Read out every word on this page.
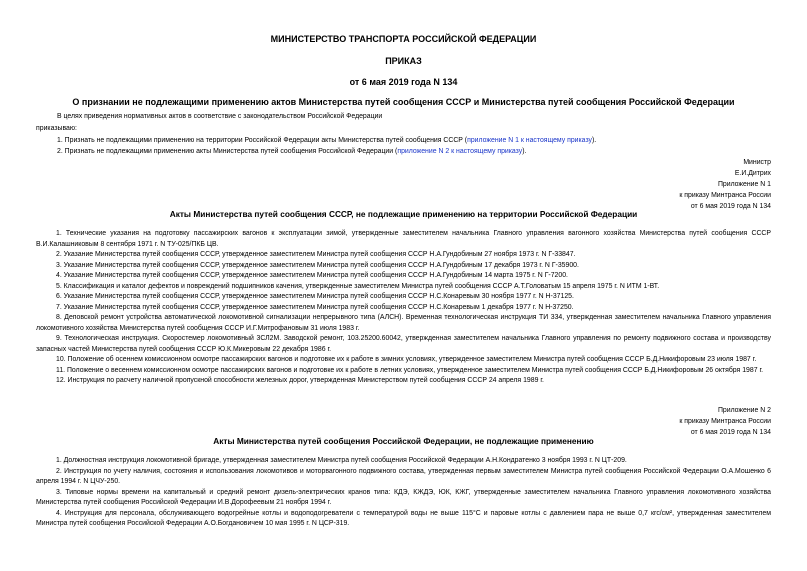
МИНИСТЕРСТВО ТРАНСПОРТА РОССИЙСКОЙ ФЕДЕРАЦИИ
ПРИКАЗ
от 6 мая 2019 года N 134
О признании не подлежащими применению актов Министерства путей сообщения СССР и Министерства путей сообщения Российской Федерации
В целях приведения нормативных актов в соответствие с законодательством Российской Федерации
приказываю:
1. Признать не подлежащими применению на территории Российской Федерации акты Министерства путей сообщения СССР (приложение N 1 к настоящему приказу).
2. Признать не подлежащими применению акты Министерства путей сообщения Российской Федерации (приложение N 2 к настоящему приказу).
Министр
Е.И.Дитрих
Приложение N 1
к приказу Минтранса России
от 6 мая 2019 года N 134
Акты Министерства путей сообщения СССР, не подлежащие применению на территории Российской Федерации
1. Технические указания на подготовку пассажирских вагонов к эксплуатации зимой, утвержденные заместителем начальника Главного управления вагонного хозяйства Министерства путей сообщения СССР В.И.Калашниковым 8 сентября 1971 г. N ТУ-025/ПКБ ЦВ.
2. Указание Министерства путей сообщения СССР, утвержденное заместителем Министра путей сообщения СССР Н.А.Гундобиным 27 ноября 1973 г. N Г-33847.
3. Указание Министерства путей сообщения СССР, утвержденное заместителем Министра путей сообщения СССР Н.А.Гундобиным 17 декабря 1973 г. N Г-35900.
4. Указание Министерства путей сообщения СССР, утвержденное заместителем Министра путей сообщения СССР Н.А.Гундобиным 14 марта 1975 г. N Г-7200.
5. Классификация и каталог дефектов и повреждений подшипников качения, утвержденные заместителем Министра путей сообщения СССР А.Т.Головатым 15 апреля 1975 г. N ИТМ 1-ВТ.
6. Указание Министерства путей сообщения СССР, утвержденное заместителем Министра путей сообщения СССР Н.С.Конаревым 30 ноября 1977 г. N Н-37125.
7. Указание Министерства путей сообщения СССР, утвержденное заместителем Министра путей сообщения СССР Н.С.Конаревым 1 декабря 1977 г. N Н-37250.
8. Деповской ремонт устройства автоматической локомотивной сигнализации непрерывного типа (АЛСН). Временная технологическая инструкция ТИ 334, утвержденная заместителем начальника Главного управления локомотивного хозяйства Министерства путей сообщения СССР И.Г.Митрофановым 31 июля 1983 г.
9. Технологическая инструкция. Скоростемер локомотивный 3СЛ2М. Заводской ремонт, 103.25200.60042, утвержденная заместителем начальника Главного управления по ремонту подвижного состава и производству запасных частей Министерства путей сообщения СССР Ю.К.Микеровым 22 декабря 1986 г.
10. Положение об осеннем комиссионном осмотре пассажирских вагонов и подготовке их к работе в зимних условиях, утвержденное заместителем Министра путей сообщения СССР Б.Д.Никифоровым 23 июля 1987 г.
11. Положение о весеннем комиссионном осмотре пассажирских вагонов и подготовке их к работе в летних условиях, утвержденное заместителем Министра путей сообщения СССР Б.Д.Никифоровым 26 октября 1987 г.
12. Инструкция по расчету наличной пропускной способности железных дорог, утвержденная Министерством путей сообщения СССР 24 апреля 1989 г.
Приложение N 2
к приказу Минтранса России
от 6 мая 2019 года N 134
Акты Министерства путей сообщения Российской Федерации, не подлежащие применению
1. Должностная инструкция локомотивной бригаде, утвержденная заместителем Министра путей сообщения Российской Федерации А.Н.Кондратенко 3 ноября 1993 г. N ЦТ-209.
2. Инструкция по учету наличия, состояния и использования локомотивов и моторвагонного подвижного состава, утвержденная первым заместителем Министра путей сообщения Российской Федерации О.А.Мошенко 6 апреля 1994 г. N ЦЧУ-250.
3. Типовые нормы времени на капитальный и средний ремонт дизель-электрических кранов типа: КДЭ, КЖДЭ, ЮК, КЖГ, утвержденные заместителем начальника Главного управления локомотивного хозяйства Министерства путей сообщения Российской Федерации И.В.Дорофеевым 21 ноября 1994 г.
4. Инструкция для персонала, обслуживающего водогрейные котлы и водоподогреватели с температурой воды не выше 115°С и паровые котлы с давлением пара не выше 0,7 кгс/см², утвержденная заместителем Министра путей сообщения Российской Федерации А.О.Богдановичем 10 мая 1995 г. N ЦСР-319.
